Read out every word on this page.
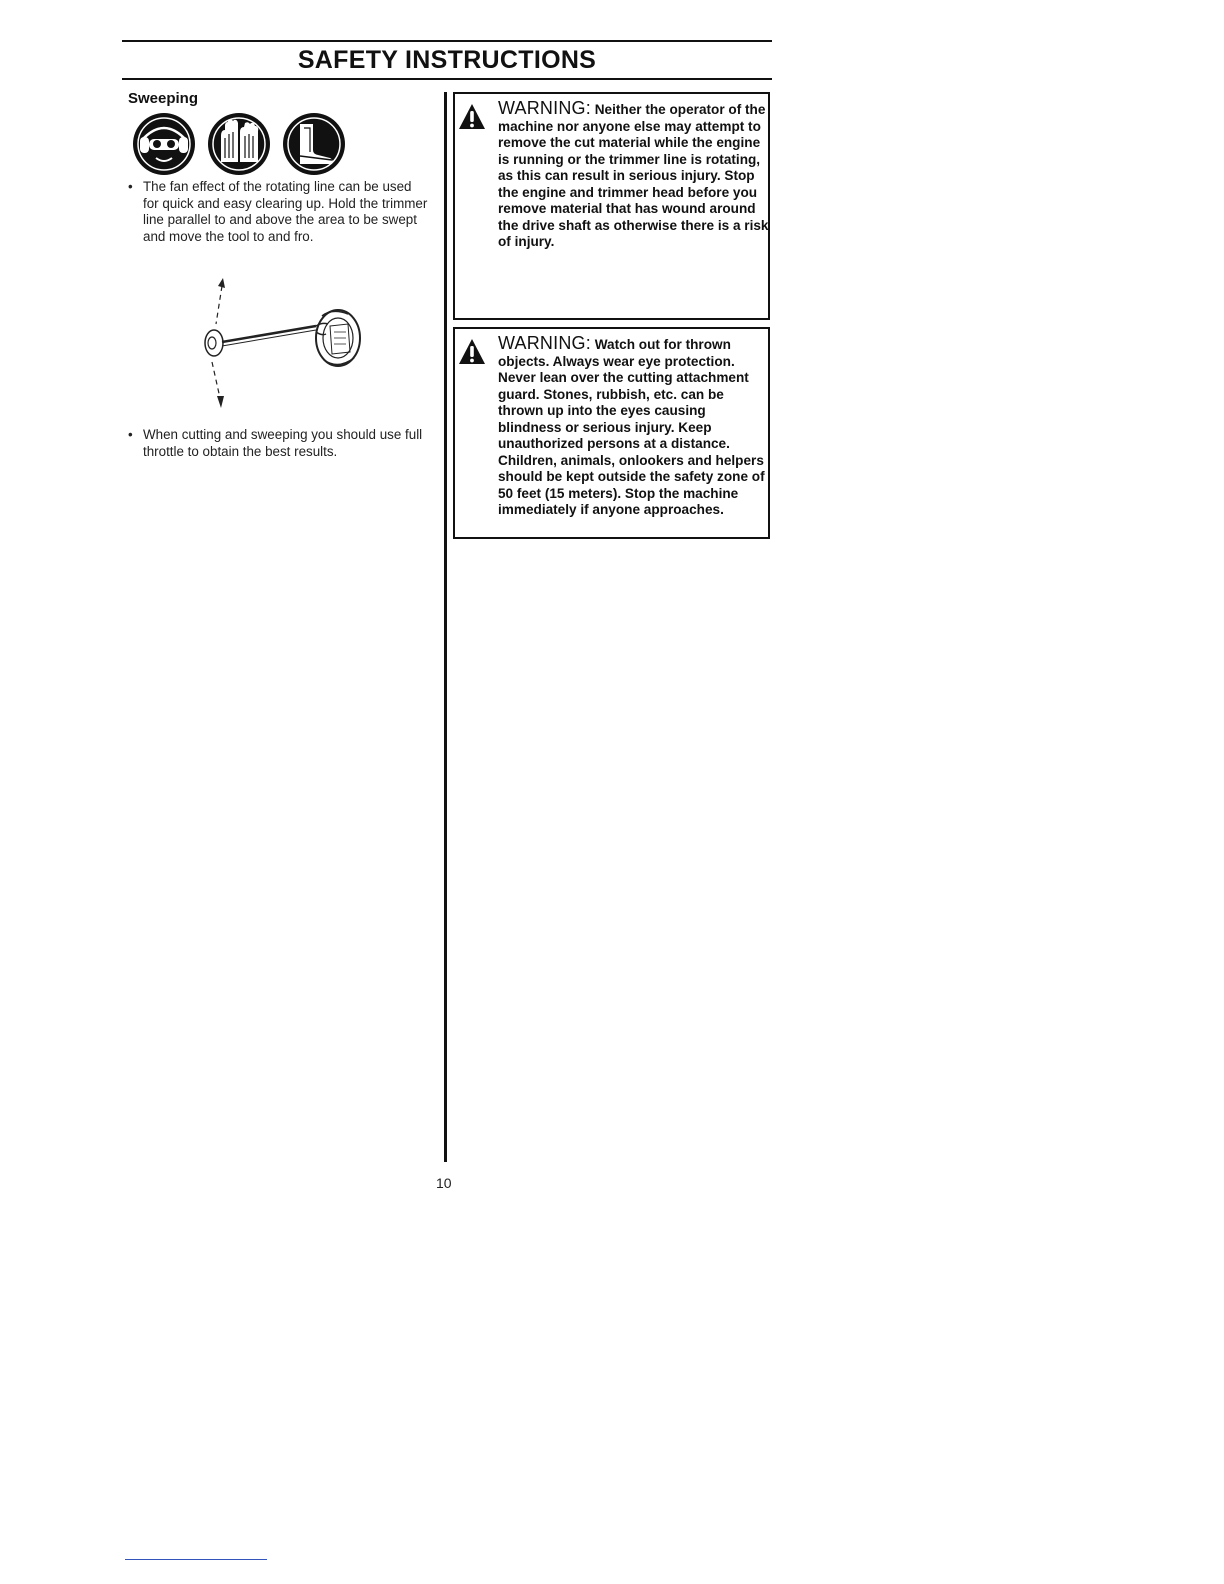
SAFETY INSTRUCTIONS
Sweeping
• The fan effect of the rotating line can be used for quick and easy clearing up. Hold the trimmer line parallel to and above the area to be swept and move the tool to and fro.
• When cutting and sweeping you should use full throttle to obtain the best results.
WARNING: Neither the operator of the machine nor anyone else may attempt to remove the cut material while the engine is running or the trimmer line is rotating, as this can result in serious injury. Stop the engine and trimmer head before you remove material that has wound around the drive shaft as otherwise there is a risk of injury.
WARNING: Watch out for thrown objects. Always wear eye protection. Never lean over the cutting attachment guard. Stones, rubbish, etc. can be thrown up into the eyes causing blindness or serious injury. Keep unauthorized persons at a distance. Children, animals, onlookers and helpers should be kept outside the safety zone of 50 feet (15 meters). Stop the machine immediately if anyone approaches.
10
